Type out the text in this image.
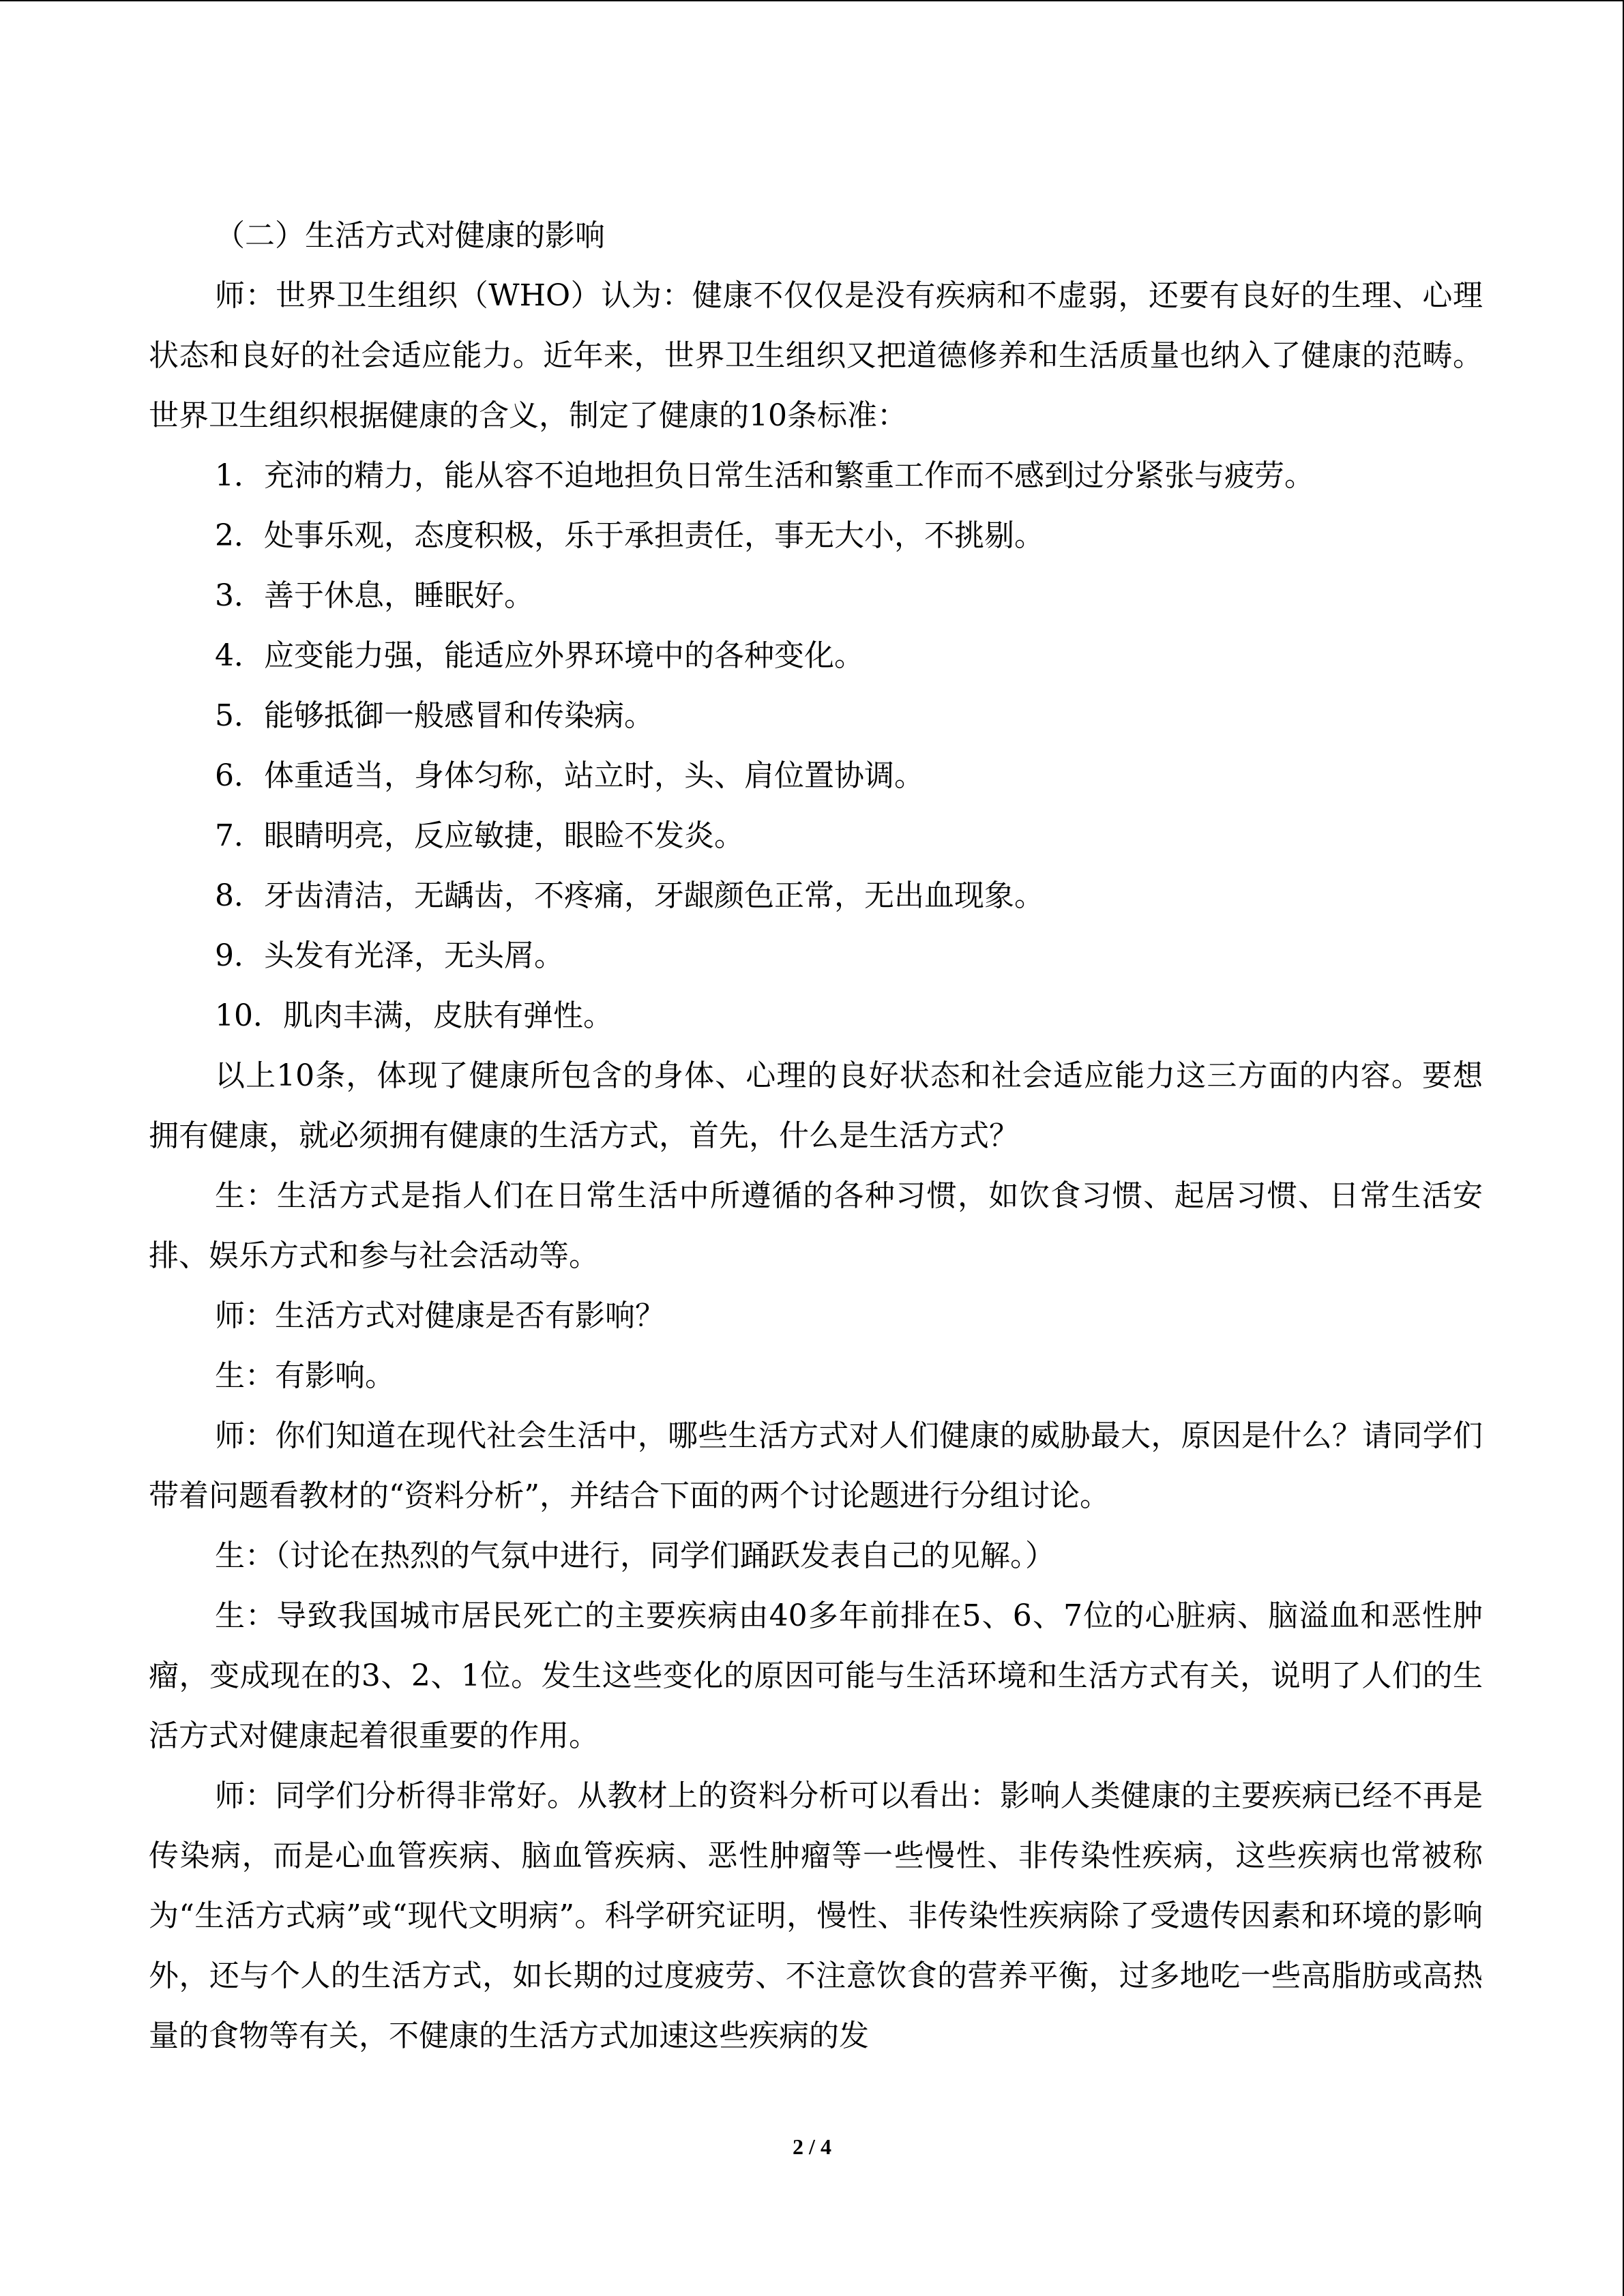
（二）生活方式对健康的影响

师：世界卫生组织（WHO）认为：健康不仅仅是没有疾病和不虚弱，还要有良好的生理、心理状态和良好的社会适应能力。近年来，世界卫生组织又把道德修养和生活质量也纳入了健康的范畴。世界卫生组织根据健康的含义，制定了健康的10条标准：

1．充沛的精力，能从容不迫地担负日常生活和繁重工作而不感到过分紧张与疲劳。

2．处事乐观，态度积极，乐于承担责任，事无大小，不挑剔。

3．善于休息，睡眠好。

4．应变能力强，能适应外界环境中的各种变化。

5．能够抵御一般感冒和传染病。

6．体重适当，身体匀称，站立时，头、肩位置协调。

7．眼睛明亮，反应敏捷，眼睑不发炎。

8．牙齿清洁，无龋齿，不疼痛，牙龈颜色正常，无出血现象。

9．头发有光泽，无头屑。

10．肌肉丰满，皮肤有弹性。

以上10条，体现了健康所包含的身体、心理的良好状态和社会适应能力这三方面的内容。要想拥有健康，就必须拥有健康的生活方式，首先，什么是生活方式？

生：生活方式是指人们在日常生活中所遵循的各种习惯，如饮食习惯、起居习惯、日常生活安排、娱乐方式和参与社会活动等。

师：生活方式对健康是否有影响？

生：有影响。

师：你们知道在现代社会生活中，哪些生活方式对人们健康的威胁最大，原因是什么？请同学们带着问题看教材的“资料分析”，并结合下面的两个讨论题进行分组讨论。

生：（讨论在热烈的气氛中进行，同学们踊跃发表自己的见解。）

生：导致我国城市居民死亡的主要疾病由40多年前排在5、6、7位的心脏病、脑溢血和恶性肿瘤，变成现在的3、2、1位。发生这些变化的原因可能与生活环境和生活方式有关，说明了人们的生活方式对健康起着很重要的作用。

师：同学们分析得非常好。从教材上的资料分析可以看出：影响人类健康的主要疾病已经不再是传染病，而是心血管疾病、脑血管疾病、恶性肿瘤等一些慢性、非传染性疾病，这些疾病也常被称为“生活方式病”或“现代文明病”。科学研究证明，慢性、非传染性疾病除了受遗传因素和环境的影响外，还与个人的生活方式，如长期的过度疲劳、不注意饮食的营养平衡，过多地吃一些高脂肪或高热量的食物等有关，不健康的生活方式加速这些疾病的发

2 / 4
